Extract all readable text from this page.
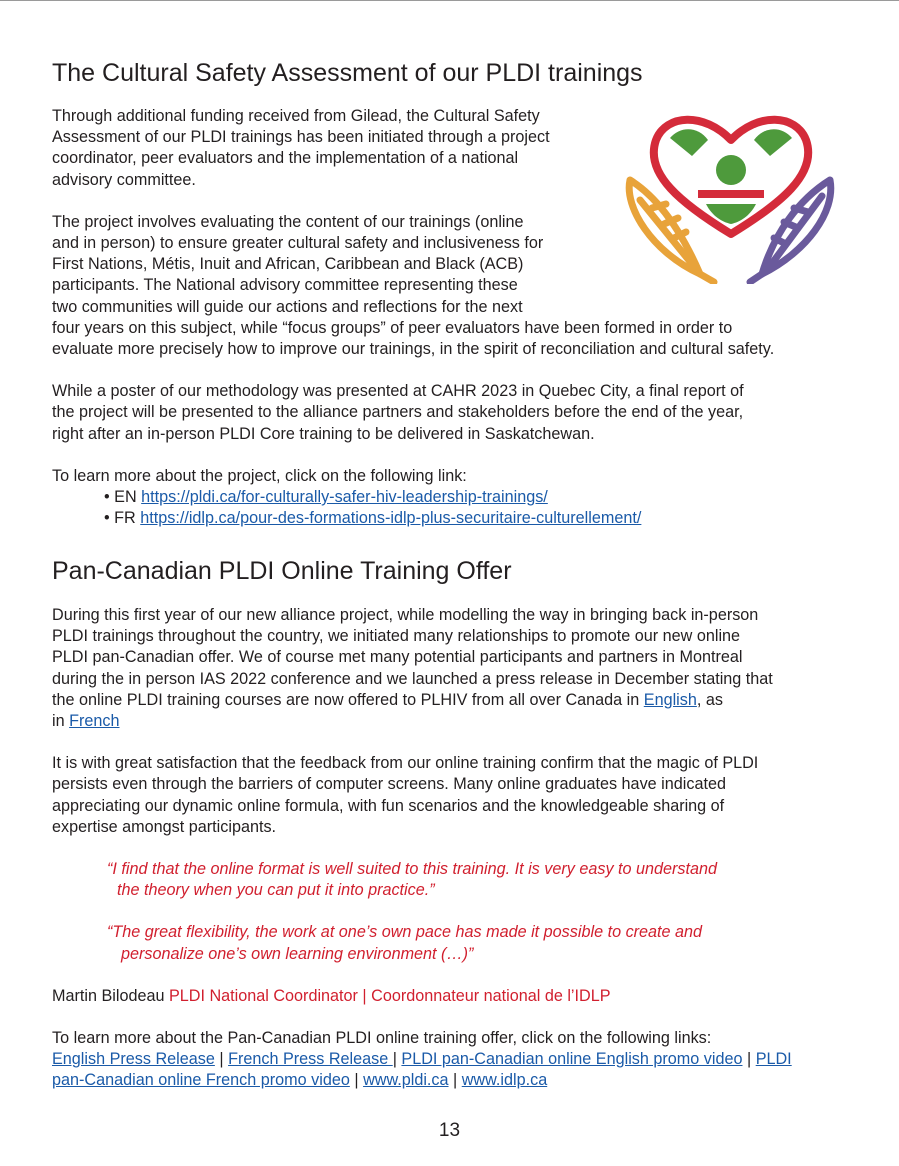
The Cultural Safety Assessment of our PLDI trainings

Through additional funding received from Gilead, the Cultural Safety
Assessment of our PLDI trainings has been initiated through a project
coordinator, peer evaluators and the implementation of a national
advisory committee.

The project involves evaluating the content of our trainings (online
and in person) to ensure greater cultural safety and inclusiveness for
First Nations, Métis, Inuit and African, Caribbean and Black (ACB)
participants. The National advisory committee representing these
two communities will guide our actions and reflections for the next
four years on this subject, while “focus groups” of peer evaluators have been formed in order to
evaluate more precisely how to improve our trainings, in the spirit of reconciliation and cultural safety.

While a poster of our methodology was presented at CAHR 2023 in Quebec City, a final report of
the project will be presented to the alliance partners and stakeholders before the end of the year,
right after an in-person PLDI Core training to be delivered in Saskatchewan.

To learn more about the project, click on the following link:

• EN https://pldi.ca/for-culturally-safer-hiv-leadership-trainings/
• FR https://idlp.ca/pour-des-formations-idlp-plus-securitaire-culturellement/
Pan-Canadian PLDI Online Training Offer

During this first year of our new alliance project, while modelling the way in bringing back in-person
PLDI trainings throughout the country, we initiated many relationships to promote our new online
PLDI pan-Canadian offer. We of course met many potential participants and partners in Montreal
during the in person IAS 2022 conference and we launched a press release in December stating that
the online PLDI training courses are now offered to PLHIV from all over Canada in English, as
in French

It is with great satisfaction that the feedback from our online training confirm that the magic of PLDI
persists even through the barriers of computer screens. Many online graduates have indicated
appreciating our dynamic online formula, with fun scenarios and the knowledgeable sharing of
expertise amongst participants.

“I find that the online format is well suited to this training. It is very easy to understand
the theory when you can put it into practice.”

“The great flexibility, the work at one’s own pace has made it possible to create and
personalize one’s own learning environment (…)”

Martin Bilodeau PLDI National Coordinator | Coordonnateur national de l’IDLP

To learn more about the Pan-Canadian PLDI online training offer, click on the following links:

English Press Release | French Press Release | PLDI pan-Canadian online English promo video | PLDI
pan-Canadian online French promo video | www.pldi.ca | www.idlp.ca

13
